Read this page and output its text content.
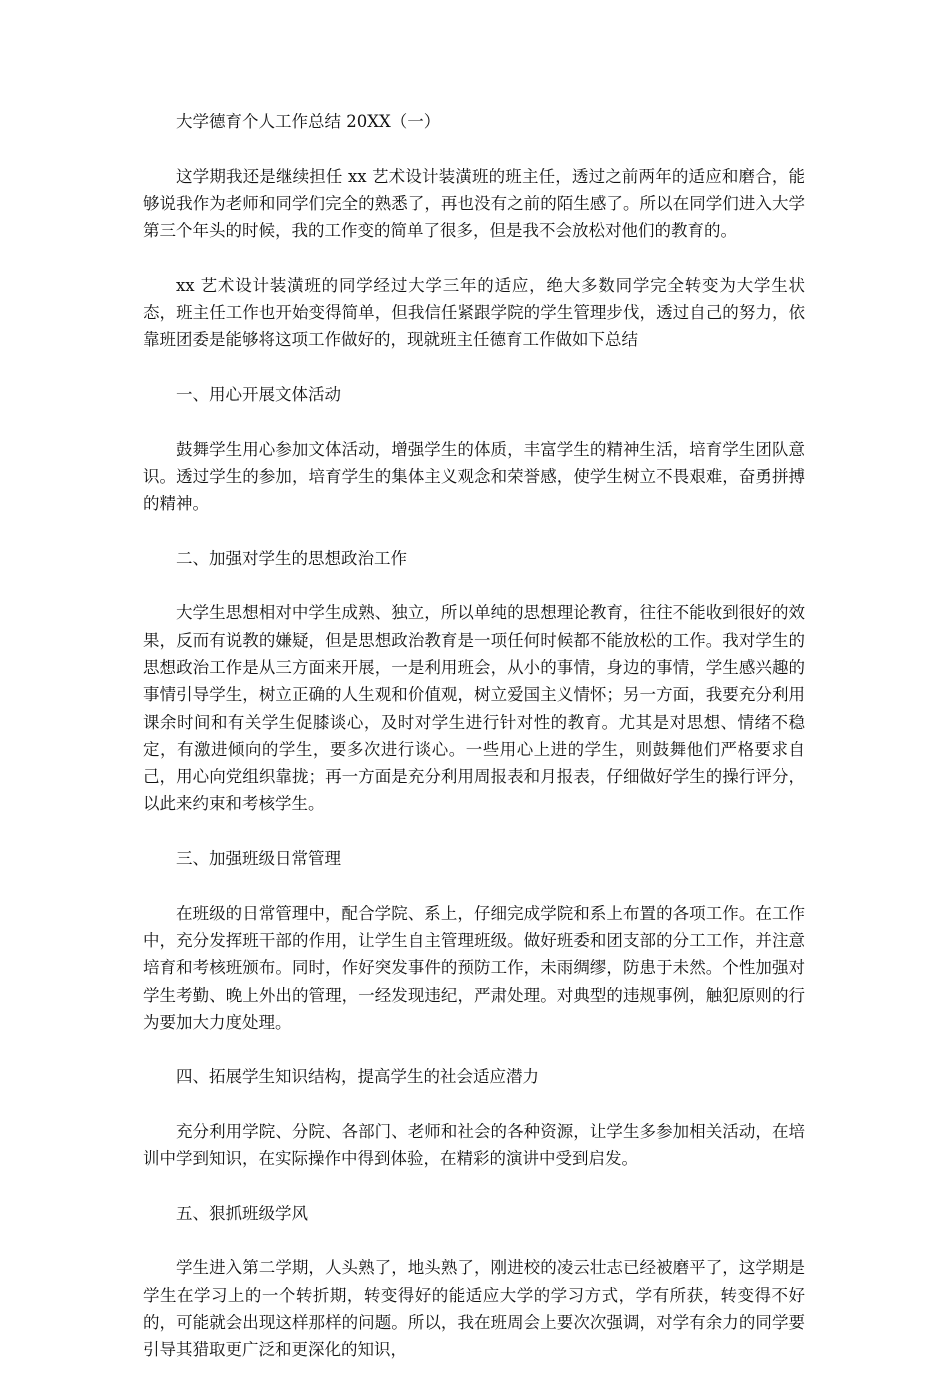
大学德育个人工作总结 20XX（一）

这学期我还是继续担任 xx 艺术设计装潢班的班主任，透过之前两年的适应和磨合，能够说我作为老师和同学们完全的熟悉了，再也没有之前的陌生感了。所以在同学们进入大学第三个年头的时候，我的工作变的简单了很多，但是我不会放松对他们的教育的。

xx 艺术设计装潢班的同学经过大学三年的适应，绝大多数同学完全转变为大学生状态，班主任工作也开始变得简单，但我信任紧跟学院的学生管理步伐，透过自己的努力，依靠班团委是能够将这项工作做好的，现就班主任德育工作做如下总结

一、用心开展文体活动

鼓舞学生用心参加文体活动，增强学生的体质，丰富学生的精神生活，培育学生团队意识。透过学生的参加，培育学生的集体主义观念和荣誉感，使学生树立不畏艰难，奋勇拼搏的精神。

二、加强对学生的思想政治工作

大学生思想相对中学生成熟、独立，所以单纯的思想理论教育，往往不能收到很好的效果，反而有说教的嫌疑，但是思想政治教育是一项任何时候都不能放松的工作。我对学生的思想政治工作是从三方面来开展，一是利用班会，从小的事情，身边的事情，学生感兴趣的事情引导学生，树立正确的人生观和价值观，树立爱国主义情怀；另一方面，我要充分利用课余时间和有关学生促膝谈心，及时对学生进行针对性的教育。尤其是对思想、情绪不稳定，有激进倾向的学生，要多次进行谈心。一些用心上进的学生，则鼓舞他们严格要求自己，用心向党组织靠拢；再一方面是充分利用周报表和月报表，仔细做好学生的操行评分，以此来约束和考核学生。

三、加强班级日常管理

在班级的日常管理中，配合学院、系上，仔细完成学院和系上布置的各项工作。在工作中，充分发挥班干部的作用，让学生自主管理班级。做好班委和团支部的分工工作，并注意培育和考核班颁布。同时，作好突发事件的预防工作，未雨绸缪，防患于未然。个性加强对学生考勤、晚上外出的管理，一经发现违纪，严肃处理。对典型的违规事例，触犯原则的行为要加大力度处理。

四、拓展学生知识结构，提高学生的社会适应潜力

充分利用学院、分院、各部门、老师和社会的各种资源，让学生多参加相关活动，在培训中学到知识，在实际操作中得到体验，在精彩的演讲中受到启发。

五、狠抓班级学风

学生进入第二学期，人头熟了，地头熟了，刚进校的凌云壮志已经被磨平了，这学期是学生在学习上的一个转折期，转变得好的能适应大学的学习方式，学有所获，转变得不好的，可能就会出现这样那样的问题。所以，我在班周会上要次次强调，对学有余力的同学要引导其猎取更广泛和更深化的知识，
